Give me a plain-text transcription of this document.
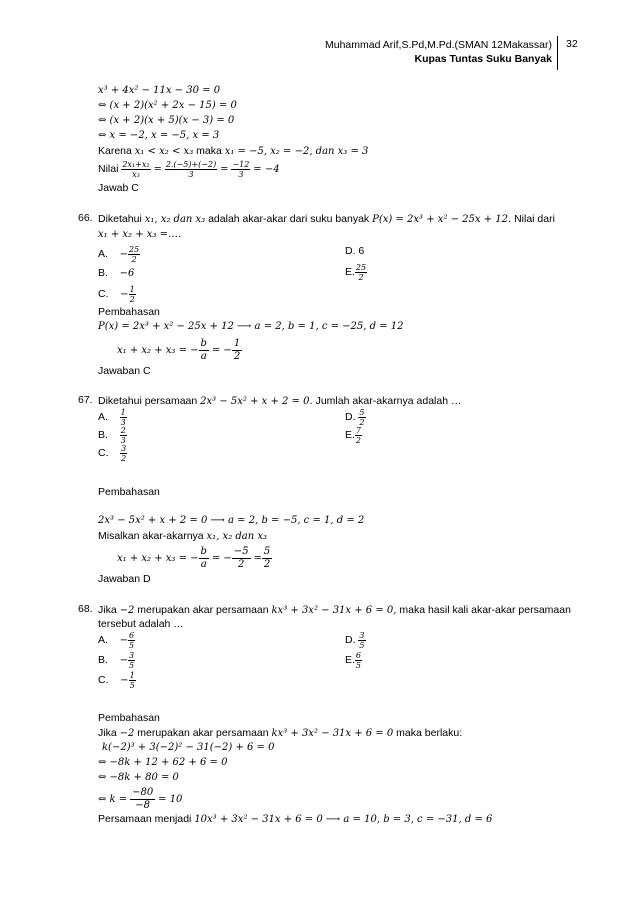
Muhammad Arif,S.Pd,M.Pd.(SMAN 12Makassar)
Kupas Tuntas Suku Banyak
32
x³ + 4x² − 11x − 30 = 0
⇔ (x + 2)(x² + 2x − 15) = 0
⇔ (x + 2)(x + 5)(x − 3) = 0
⇔ x = −2, x = −5, x = 3
Karena x₁ < x₂ < x₃ maka x₁ = −5, x₂ = −2, dan x₃ = 3
Nilai $\frac{\text{2x₁+x₂}}{\text{x₃}} = \frac{2.(-5)+(-2)}{3} = \frac{-12}{3} = -4$
Jawab C
66. Diketahui x₁, x₂ dan x₃ adalah akar-akar dari suku banyak P(x) = 2x³ + x² − 25x + 12. Nilai dari
x₁ + x₂ + x₃ =….
A. − $\frac{25}{2}$	D. 6
B. −6	E. $\frac{25}{2}$
C. − $\frac{1}{2}$
Pembahasan
P(x) = 2x³ + x² − 25x + 12 ⟶ a = 2, b = 1, c = −25, d = 12
x₁ + x₂ + x₃ = − $\frac{b}{a}$ = − $\frac{1}{2}$
Jawaban C
67. Diketahui persamaan 2x³ − 5x² + x + 2 = 0. Jumlah akar-akarnya adalah …
A. $\frac{1}{3}$	D. $\frac{5}{2}$
B. $\frac{2}{3}$	E. $\frac{7}{2}$
C. $\frac{3}{2}$
Pembahasan
2x³ − 5x² + x + 2 = 0 ⟶ a = 2, b = −5, c = 1, d = 2
Misalkan akar-akarnya x₁, x₂ dan x₃
x₁ + x₂ + x₃ = − $\frac{b}{a}$ = − $\frac{-5}{2} = \frac{5}{2}$
Jawaban D
68. Jika −2 merupakan akar persamaan kx³ + 3x² − 31x + 6 = 0, maka hasil kali akar-akar persamaan
tersebut adalah …
A. − $\frac{6}{5}$	D. $\frac{3}{5}$
B. − $\frac{3}{5}$	E. $\frac{6}{5}$
C. − $\frac{1}{5}$
Pembahasan
Jika −2 merupakan akar persamaan kx³ + 3x² − 31x + 6 = 0 maka berlaku:
k(−2)³ + 3(−2)² − 31(−2) + 6 = 0
⇔ −8k + 12 + 62 + 6 = 0
⇔ −8k + 80 = 0
⇔ $k = \frac{-80}{-8} = 10$
Persamaan menjadi 10x³ + 3x² − 31x + 6 = 0 ⟶ a = 10, b = 3, c = −31, d = 6
